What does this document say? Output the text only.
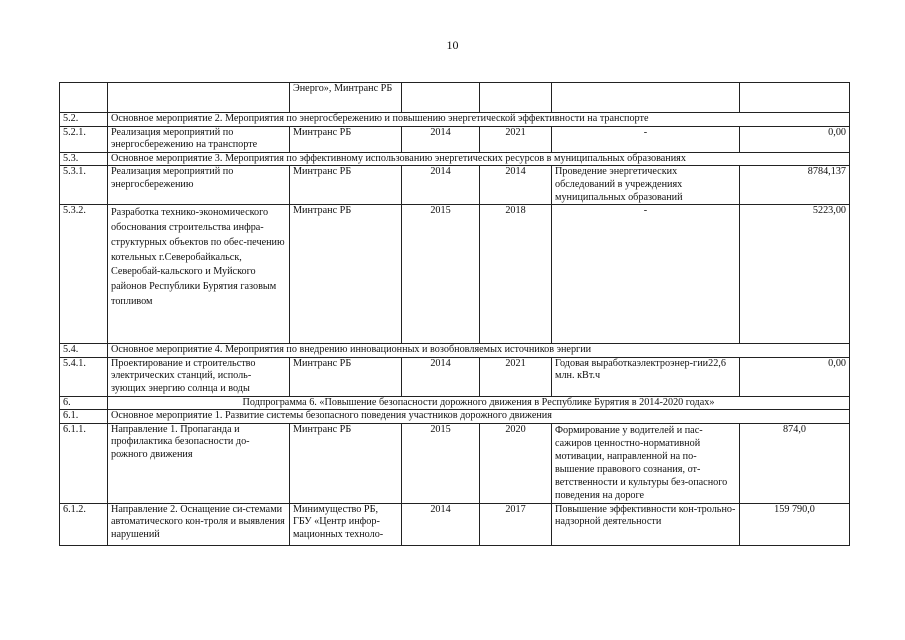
10
		Энерго», Минтранс РБ				
5.2.	Основное мероприятие 2. Мероприятия по энергосбережению и повышению энергетической эффективности на транспорте					

5.2.1.	Реализация мероприятий по энергосбережению на транспорте	Минтранс РБ	2014	2021	-	0,00
5.3.	Основное мероприятие 3. Мероприятия по эффективному использованию энергетических ресурсов в муниципальных образованиях					

5.3.1.	Реализация мероприятий по энергосбережению	Минтранс РБ	2014	2014	Проведение энергетических обследований в учреждениях муниципальных образований	8784,137
5.3.2.	Разработка технико-экономического обоснования строительства инфра-структурных объектов по обес-печению котельных г.Северобайкальск, Северобай-кальского и Муйского районов Республики Бурятия газовым топливом	Минтранс РБ	2015	2018	-	5223,00
5.4.	Основное мероприятие 4. Мероприятия по внедрению инновационных и возобновляемых источников энергии					

5.4.1.	Проектирование и строительство электрических станций, исполь-зующих энергию солнца и воды	Минтранс РБ	2014	2021	Годовая выработкаэлектроэнер-гии22,6 млн. кВт.ч	0,00
6.	Подпрограмма 6. «Повышение безопасности дорожного движения в Республике Бурятия в 2014-2020 годах»					
6.1.	Основное мероприятие 1. Развитие системы безопасного поведения участников дорожного движения					
6.1.1.	Направление 1. Пропаганда и профилактика безопасности до-рожного движения	Минтранс РБ	2015	2020	Формирование у водителей и пас-сажиров ценностно-нормативной мотивации, направленной на по-вышение правового сознания, от-ветственности и культуры без-опасного поведения на дороге	874,0
6.1.2.	Направление 2. Оснащение си-стемами автоматического кон-троля и выявления нарушений	Минимущество РБ, ГБУ «Центр инфор-мационных техноло-	2014	2017	Повышение эффективности кон-трольно-надзорной деятельности	159 790,0
